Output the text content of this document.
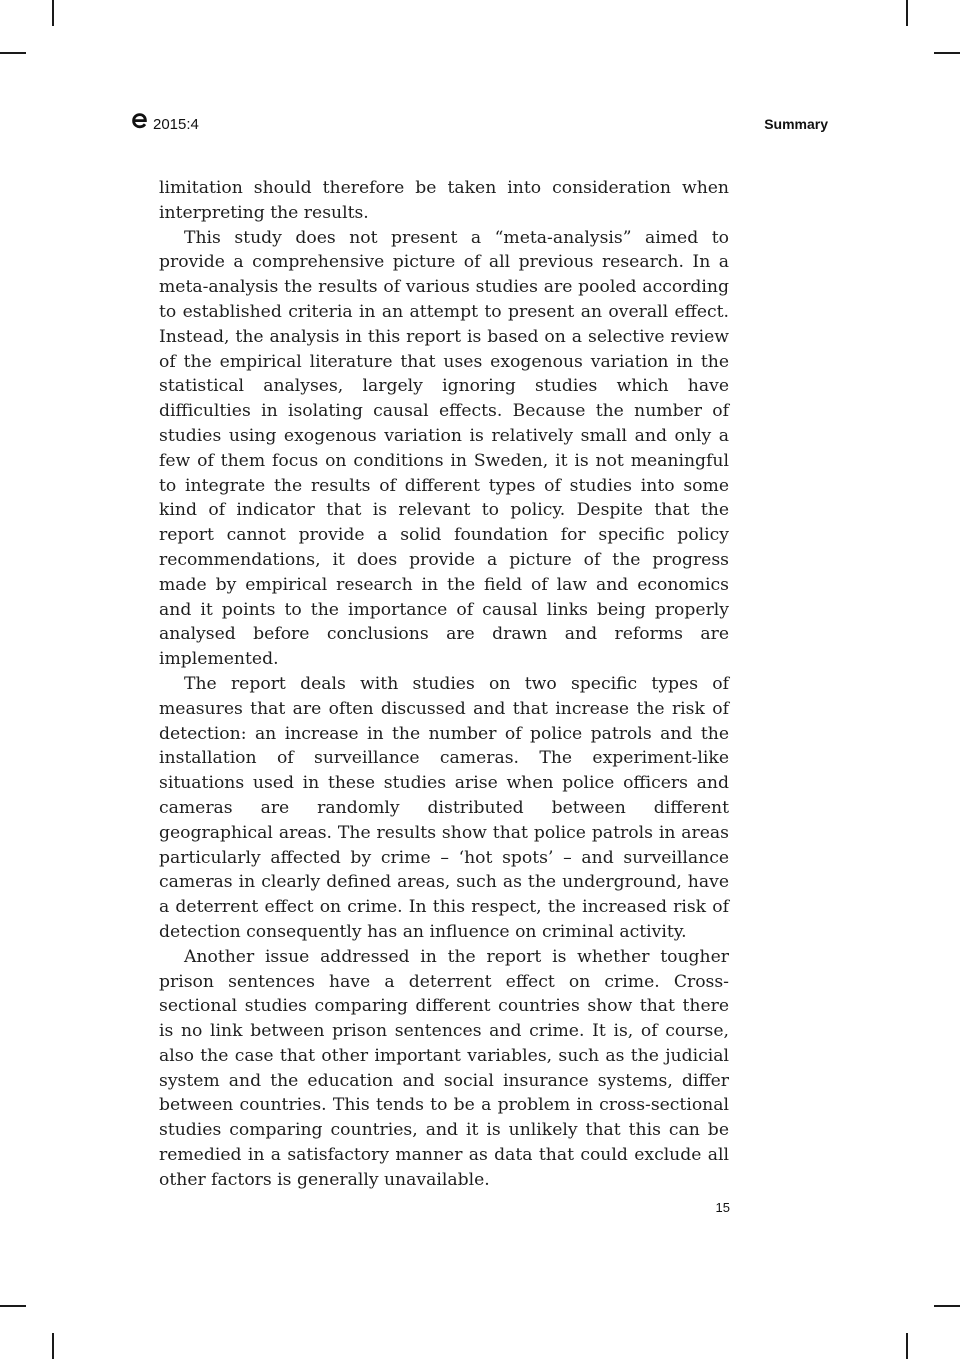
2015:4	Summary

limitation should therefore be taken into consideration when interpreting the results.

This study does not present a “meta-analysis” aimed to provide a comprehensive picture of all previous research. In a meta-analysis the results of various studies are pooled according to established criteria in an attempt to present an overall effect. Instead, the analysis in this report is based on a selective review of the empirical literature that uses exogenous variation in the statistical analyses, largely ignoring studies which have difficulties in isolating causal effects. Because the number of studies using exogenous variation is relatively small and only a few of them focus on conditions in Sweden, it is not meaningful to integrate the results of different types of studies into some kind of indicator that is relevant to policy. Despite that the report cannot provide a solid foundation for specific policy recommendations, it does provide a picture of the progress made by empirical research in the field of law and economics and it points to the importance of causal links being properly analysed before conclusions are drawn and reforms are implemented.

The report deals with studies on two specific types of measures that are often discussed and that increase the risk of detection: an increase in the number of police patrols and the installation of surveillance cameras. The experiment-like situations used in these studies arise when police officers and cameras are randomly distributed between different geographical areas. The results show that police patrols in areas particularly affected by crime – ‘hot spots’ – and surveillance cameras in clearly defined areas, such as the underground, have a deterrent effect on crime. In this respect, the increased risk of detection consequently has an influence on criminal activity.

Another issue addressed in the report is whether tougher prison sentences have a deterrent effect on crime. Cross-sectional studies comparing different countries show that there is no link between prison sentences and crime. It is, of course, also the case that other important variables, such as the judicial system and the education and social insurance systems, differ between countries. This tends to be a problem in cross-sectional studies comparing countries, and it is unlikely that this can be remedied in a satisfactory manner as data that could exclude all other factors is generally unavailable.

15
